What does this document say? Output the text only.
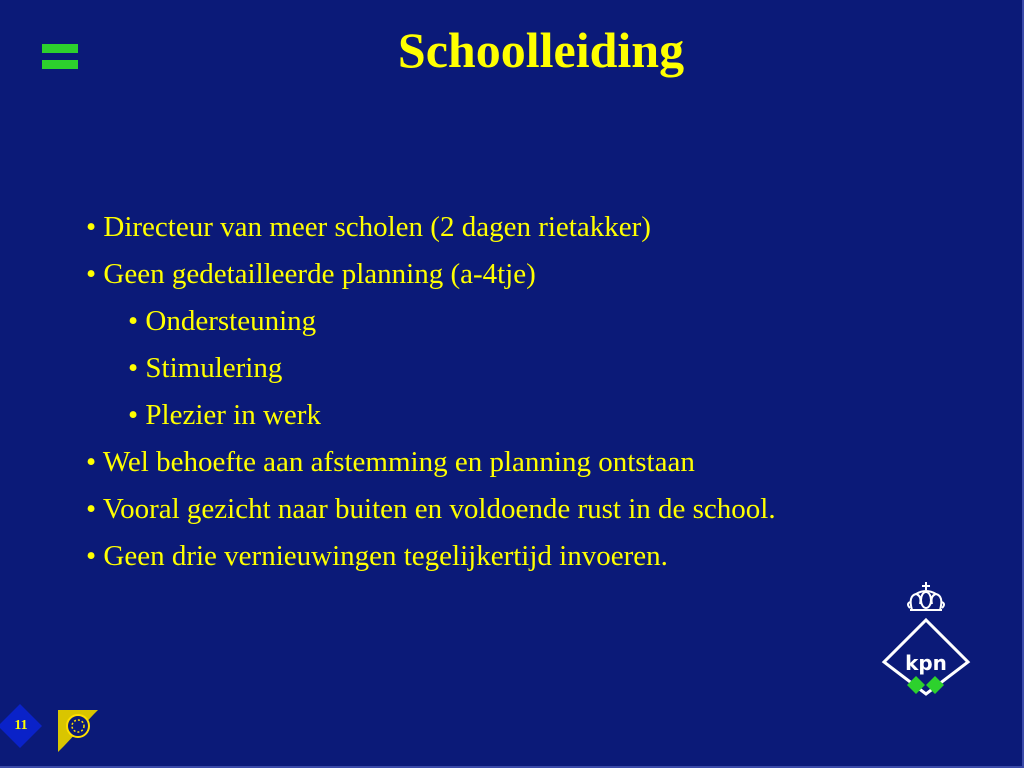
Schoolleiding
• Directeur van meer scholen (2 dagen rietakker)
• Geen gedetailleerde planning (a-4tje)
• Ondersteuning
• Stimulering
• Plezier in werk
• Wel behoefte aan afstemming en planning ontstaan
• Vooral gezicht naar buiten en voldoende rust in de school.
• Geen drie vernieuwingen tegelijkertijd invoeren.
kpn
11
